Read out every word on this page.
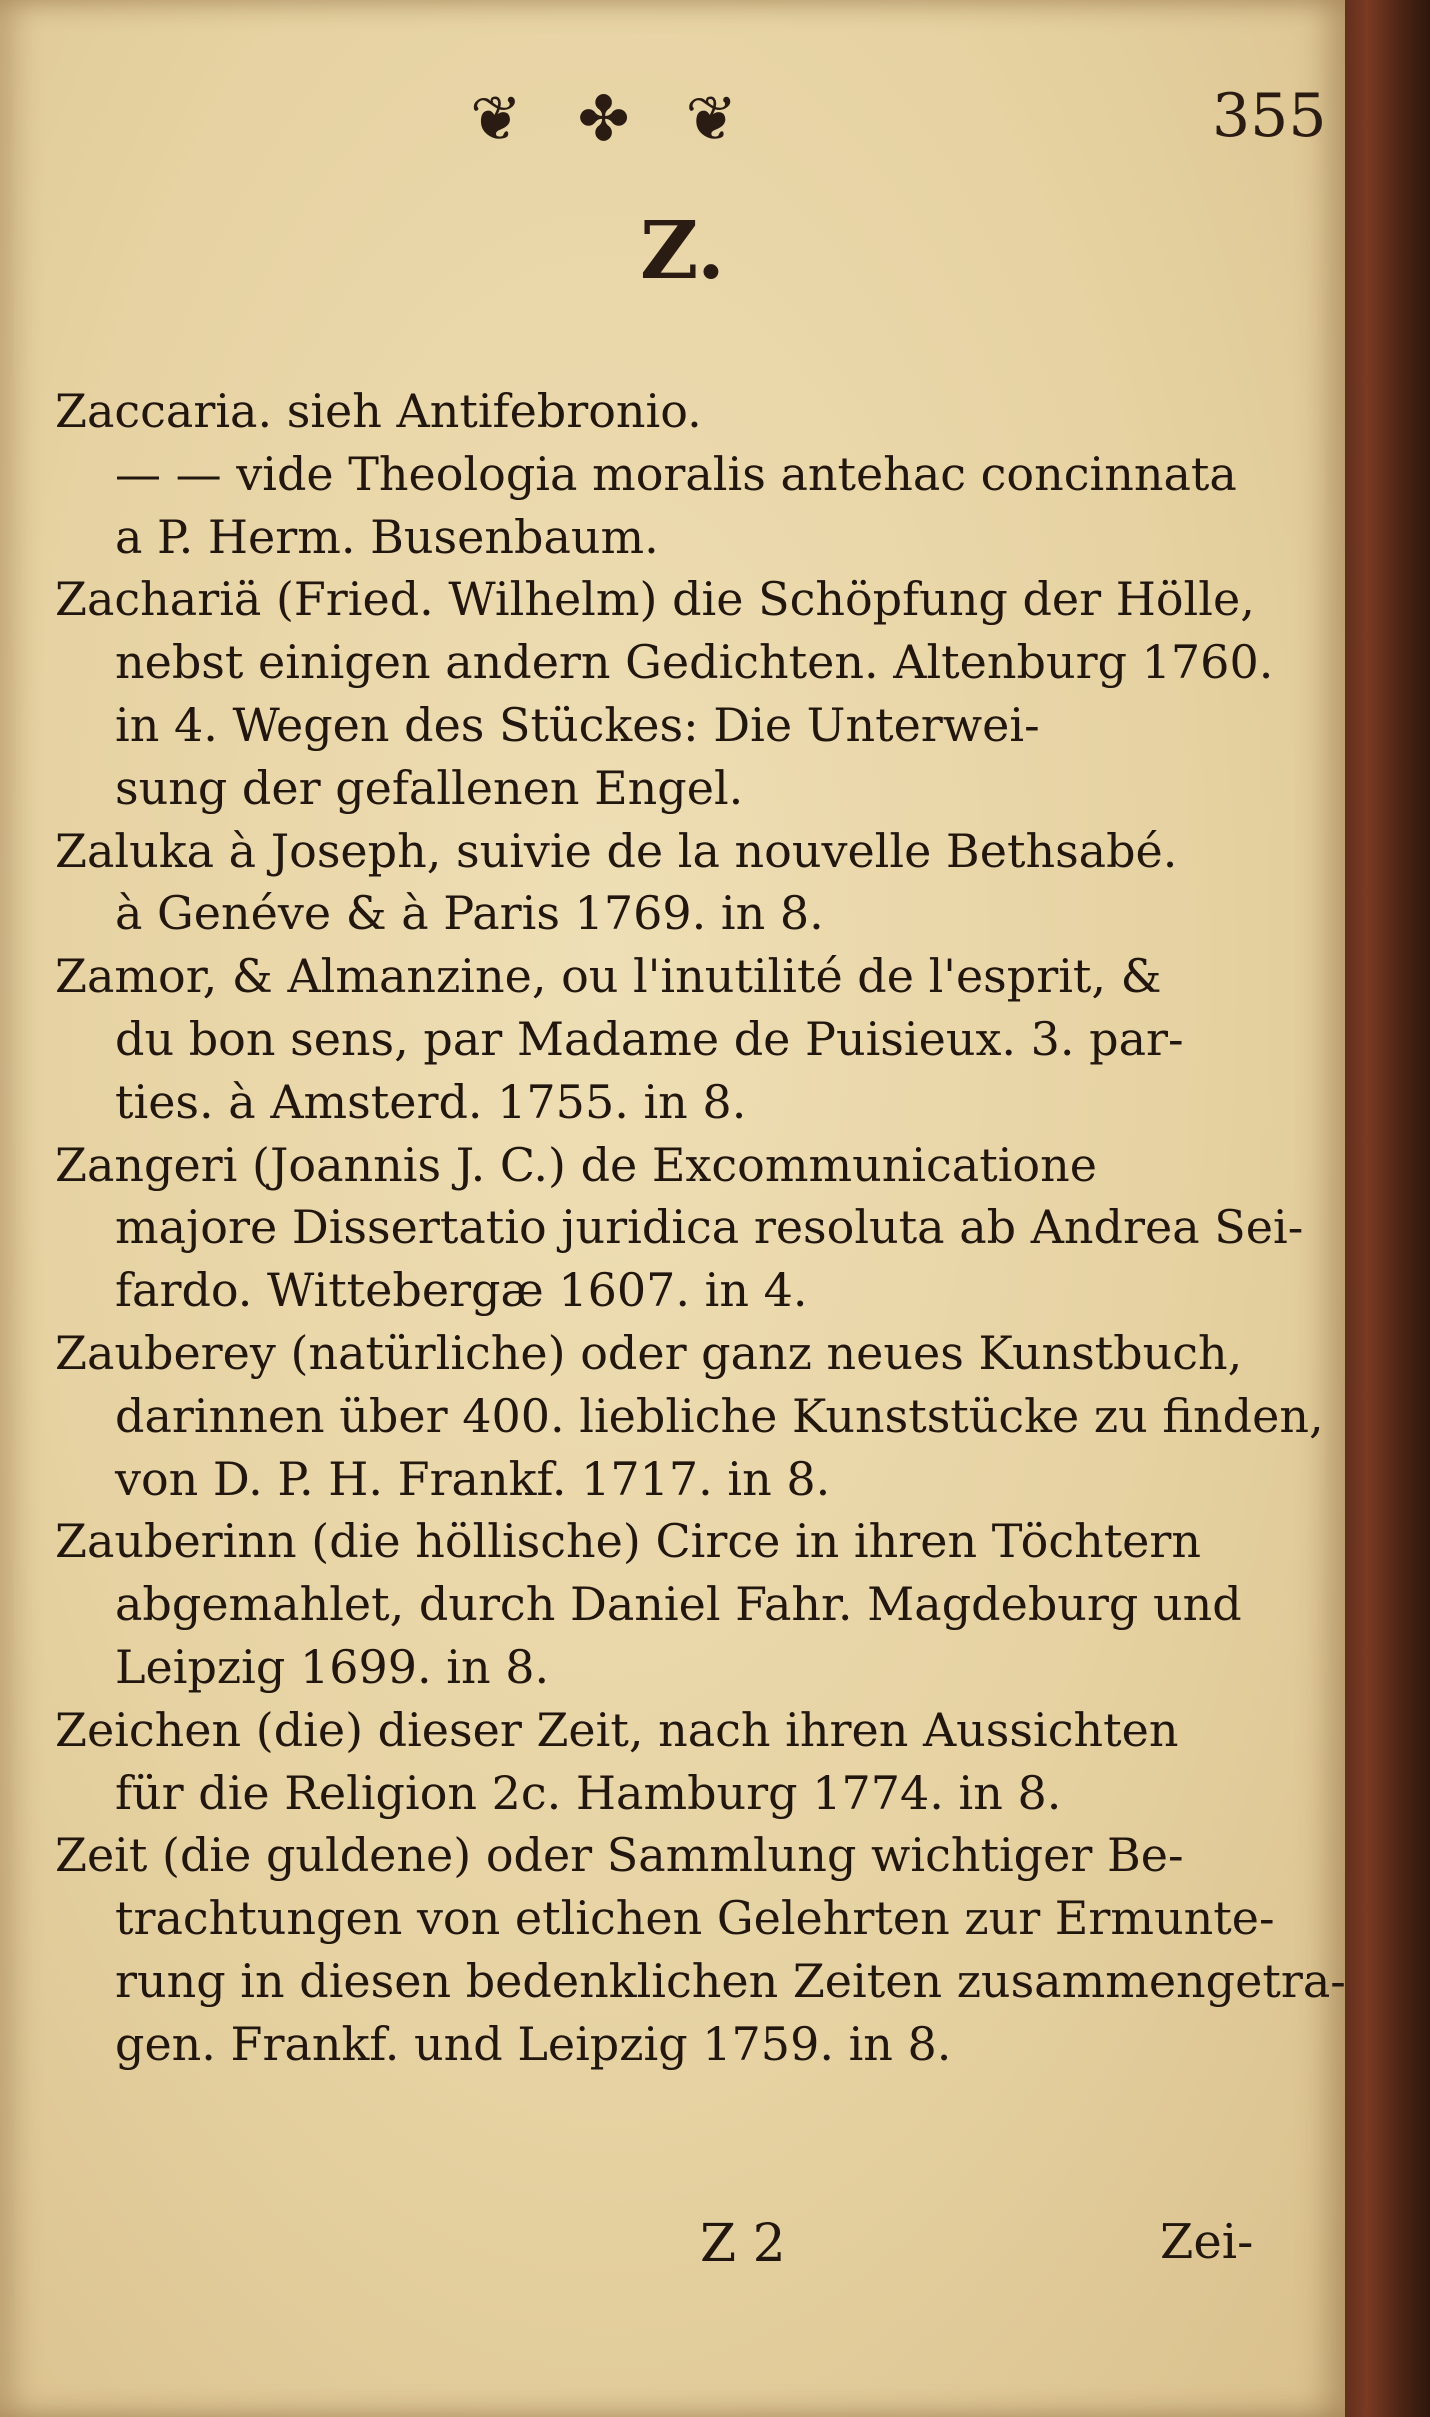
❦ ✤ ❦	355
Z.
Zaccaria. sieh Antifebronio.
— — vide Theologia moralis antehac concinnata
a P. Herm. Busenbaum.
Zachariä (Fried. Wilhelm) die Schöpfung der Hölle,
nebst einigen andern Gedichten. Altenburg 1760.
in 4. Wegen des Stückes: Die Unterwei-
sung der gefallenen Engel.
Zaluka à Joseph, suivie de la nouvelle Bethsabé.
à Genéve & à Paris 1769. in 8.
Zamor, & Almanzine, ou l'inutilité de l'esprit, &
du bon sens, par Madame de Puisieux. 3. par-
ties. à Amsterd. 1755. in 8.
Zangeri (Joannis J. C.) de Excommunicatione
majore Dissertatio juridica resoluta ab Andrea Sei-
fardo. Wittebergæ 1607. in 4.
Zauberey (natürliche) oder ganz neues Kunstbuch,
darinnen über 400. liebliche Kunststücke zu finden,
von D. P. H. Frankf. 1717. in 8.
Zauberinn (die höllische) Circe in ihren Töchtern
abgemahlet, durch Daniel Fahr. Magdeburg und
Leipzig 1699. in 8.
Zeichen (die) dieser Zeit, nach ihren Aussichten
für die Religion 2c. Hamburg 1774. in 8.
Zeit (die guldene) oder Sammlung wichtiger Be-
trachtungen von etlichen Gelehrten zur Ermunte-
rung in diesen bedenklichen Zeiten zusammengetra-
gen. Frankf. und Leipzig 1759. in 8.
Z 2	Zei-
